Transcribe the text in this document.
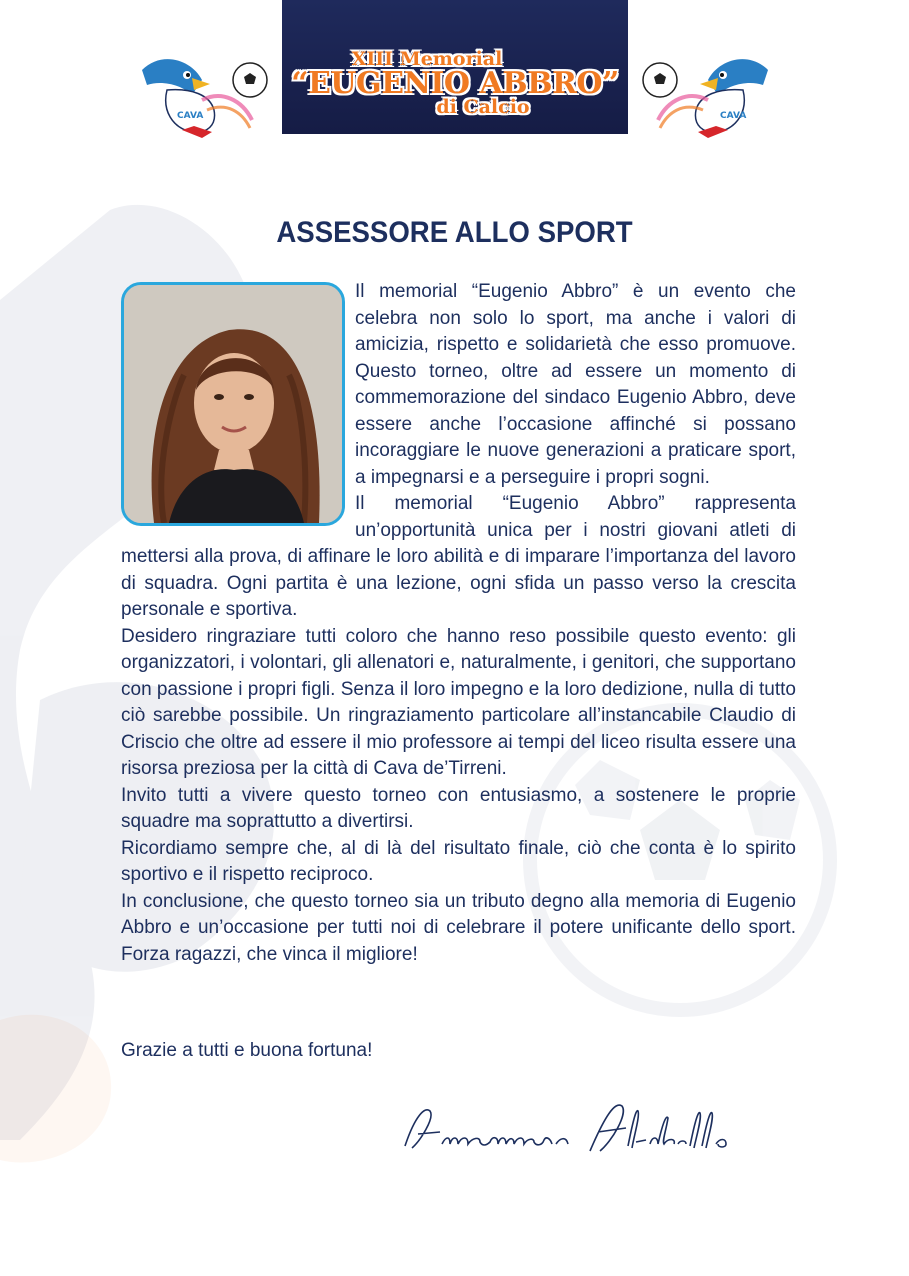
CAVA	CAVA
XIII Memorial
“EUGENIO ABBRO”
di Calcio
ASSESSORE ALLO SPORT

Il memorial “Eugenio Abbro” è un evento che celebra non solo lo sport, ma anche i valori di amicizia, rispetto e solidarietà che esso promuove. Questo torneo, oltre ad essere un momento di commemorazione del sindaco Eugenio Abbro, deve essere anche l’occasione affinché si possano incoraggiare le nuove generazioni a praticare sport, a impegnarsi e a perseguire i propri sogni.

Il memorial “Eugenio Abbro” rappresenta un’opportunità unica per i nostri giovani atleti di mettersi alla prova, di affinare le loro abilità e di imparare l’importanza del lavoro di squadra. Ogni partita è una lezione, ogni sfida un passo verso la crescita personale e sportiva.

Desidero ringraziare tutti coloro che hanno reso possibile questo evento: gli organizzatori, i volontari, gli allenatori e, naturalmente, i genitori, che supportano con passione i propri figli. Senza il loro impegno e la loro dedizione, nulla di tutto ciò sarebbe possibile. Un ringraziamento particolare all’instancabile Claudio di Criscio che oltre ad essere il mio professore ai tempi del liceo risulta essere una risorsa preziosa per la città di Cava de’Tirreni.

Invito tutti a vivere questo torneo con entusiasmo, a sostenere le proprie squadre ma soprattutto a divertirsi.

Ricordiamo sempre che, al di là del risultato finale, ciò che conta è lo spirito sportivo e il rispetto reciproco.

In conclusione, che questo torneo sia un tributo degno alla memoria di Eugenio Abbro e un’occasione per tutti noi di celebrare il potere unificante dello sport. Forza ragazzi, che vinca il migliore!

Grazie a tutti e buona fortuna!
